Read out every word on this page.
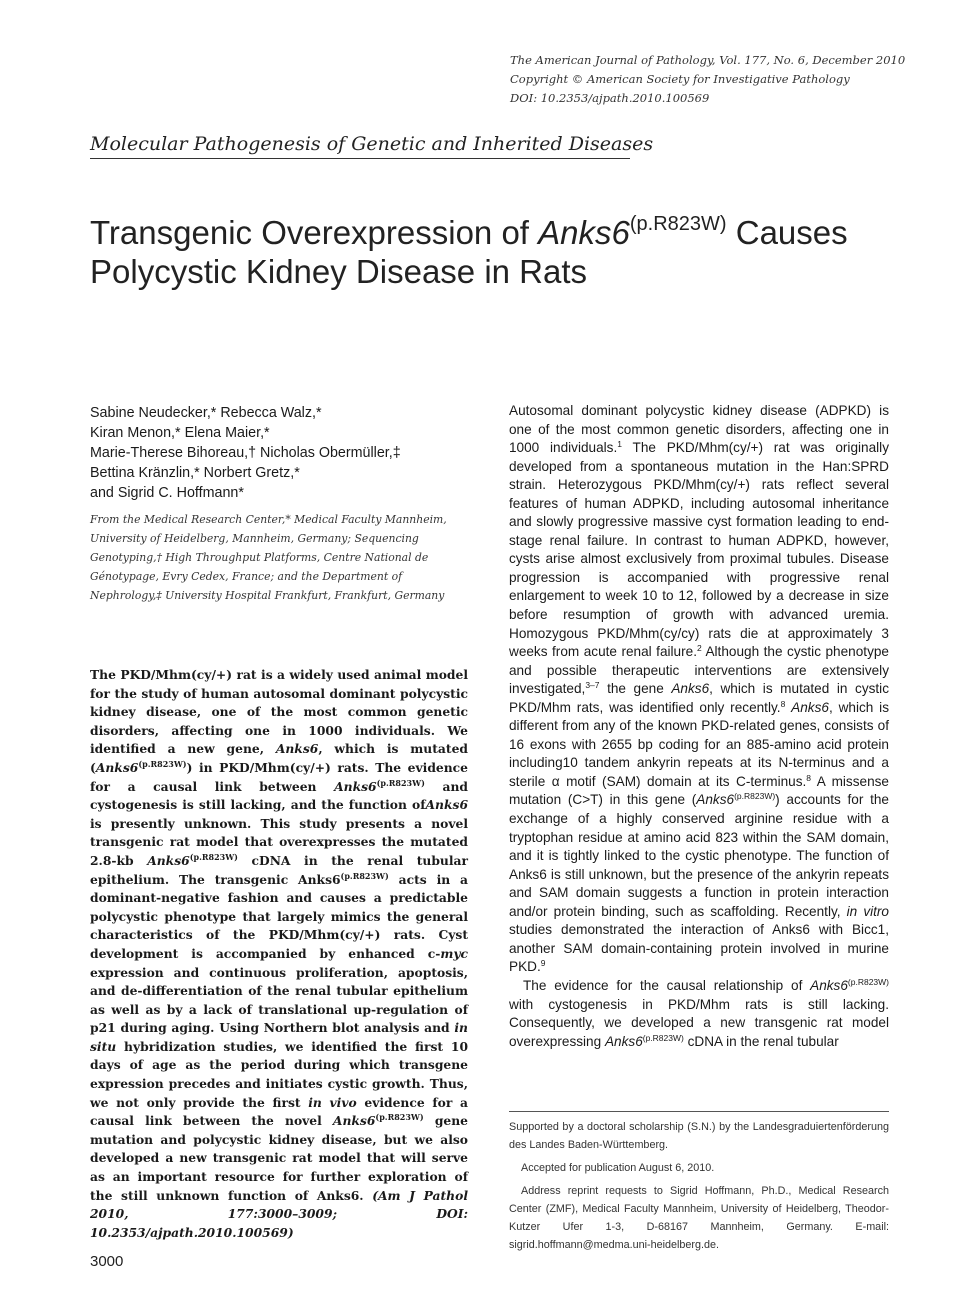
The American Journal of Pathology, Vol. 177, No. 6, December 2010
Copyright © American Society for Investigative Pathology
DOI: 10.2353/ajpath.2010.100569
Molecular Pathogenesis of Genetic and Inherited Diseases
Transgenic Overexpression of $Anks6^{(p.R823W)}$ Causes Polycystic Kidney Disease in Rats
Sabine Neudecker,* Rebecca Walz,*
Kiran Menon,* Elena Maier,*
Marie-Therese Bihoreau,† Nicholas Obermüller,‡
Bettina Kränzlin,* Norbert Gretz,*
and Sigrid C. Hoffmann*
From the Medical Research Center,* Medical Faculty Mannheim,
University of Heidelberg, Mannheim, Germany; Sequencing
Genotyping,† High Throughput Platforms, Centre National de
Génotypage, Evry Cedex, France; and the Department of
Nephrology,‡ University Hospital Frankfurt, Frankfurt, Germany

The PKD/Mhm(cy/+) rat is a widely used animal model for the study of human autosomal dominant polycystic kidney disease, one of the most common genetic disorders, affecting one in 1000 individuals. We identified a new gene, Anks6, which is mutated $(Anks6^{(p.R823W)})$ in PKD/Mhm(cy/+) rats. The evidence for a causal link between $Anks6^{(p.R823W)}$ and cystogenesis is still lacking, and the function ofAnks6 is presently unknown. This study presents a novel transgenic rat model that overexpresses the mutated 2.8-kb $Anks6^{(p.R823W)}$ cDNA in the renal tubular epithelium. The transgenic $Anks6^{(p.R823W)}$ acts in a dominant-negative fashion and causes a predictable polycystic phenotype that largely mimics the general characteristics of the PKD/Mhm(cy/+) rats. Cyst development is accompanied by enhanced c-myc expression and continuous proliferation, apoptosis, and de-differentiation of the renal tubular epithelium as well as by a lack of translational up-regulation of p21 during aging. Using Northern blot analysis and in situ hybridization studies, we identified the first 10 days of age as the period during which transgene expression precedes and initiates cystic growth. Thus, we not only provide the first in vivo evidence for a causal link between the novel $Anks6^{(p.R823W)}$ gene mutation and polycystic kidney disease, but we also developed a new transgenic rat model that will serve as an important resource for further exploration of the still unknown function of Anks6. (Am J Pathol 2010, 177:3000–3009; DOI: 10.2353/ajpath.2010.100569)

Autosomal dominant polycystic kidney disease (ADPKD) is one of the most common genetic disorders, affecting one in 1000 individuals.$^1$ The PKD/Mhm(cy/+) rat was originally developed from a spontaneous mutation in the Han:SPRD strain. Heterozygous PKD/Mhm(cy/+) rats reflect several features of human ADPKD, including autosomal inheritance and slowly progressive massive cyst formation leading to end-stage renal failure. In contrast to human ADPKD, however, cysts arise almost exclusively from proximal tubules. Disease progression is accompanied with progressive renal enlargement to week 10 to 12, followed by a decrease in size before resumption of growth with advanced uremia. Homozygous PKD/Mhm(cy/cy) rats die at approximately 3 weeks from acute renal failure.$^2$ Although the cystic phenotype and possible therapeutic interventions are extensively investigated,$^{3-7}$ the gene Anks6, which is mutated in cystic PKD/Mhm rats, was identified only recently.$^8$ Anks6, which is different from any of the known PKD-related genes, consists of 16 exons with 2655 bp coding for an 885-amino acid protein including10 tandem ankyrin repeats at its N-terminus and a sterile α motif (SAM) domain at its C-terminus.$^8$ A missense mutation (C>T) in this gene $(Anks6^{(p.R823W)})$ accounts for the exchange of a highly conserved arginine residue with a tryptophan residue at amino acid 823 within the SAM domain, and it is tightly linked to the cystic phenotype. The function of Anks6 is still unknown, but the presence of the ankyrin repeats and SAM domain suggests a function in protein interaction and/or protein binding, such as scaffolding. Recently, in vitro studies demonstrated the interaction of Anks6 with Bicc1, another SAM domain-containing protein involved in murine PKD.$^9$

The evidence for the causal relationship of $Anks6^{(p.R823W)}$ with cystogenesis in PKD/Mhm rats is still lacking. Consequently, we developed a new transgenic rat model overexpressing $Anks6^{(p.R823W)}$ cDNA in the renal tubular

Supported by a doctoral scholarship (S.N.) by the Landesgraduiertenförderung des Landes Baden-Württemberg.

Accepted for publication August 6, 2010.

Address reprint requests to Sigrid Hoffmann, Ph.D., Medical Research Center (ZMF), Medical Faculty Mannheim, University of Heidelberg, Theodor-Kutzer Ufer 1-3, D-68167 Mannheim, Germany. E-mail: sigrid.hoffmann@medma.uni-heidelberg.de.

3000
